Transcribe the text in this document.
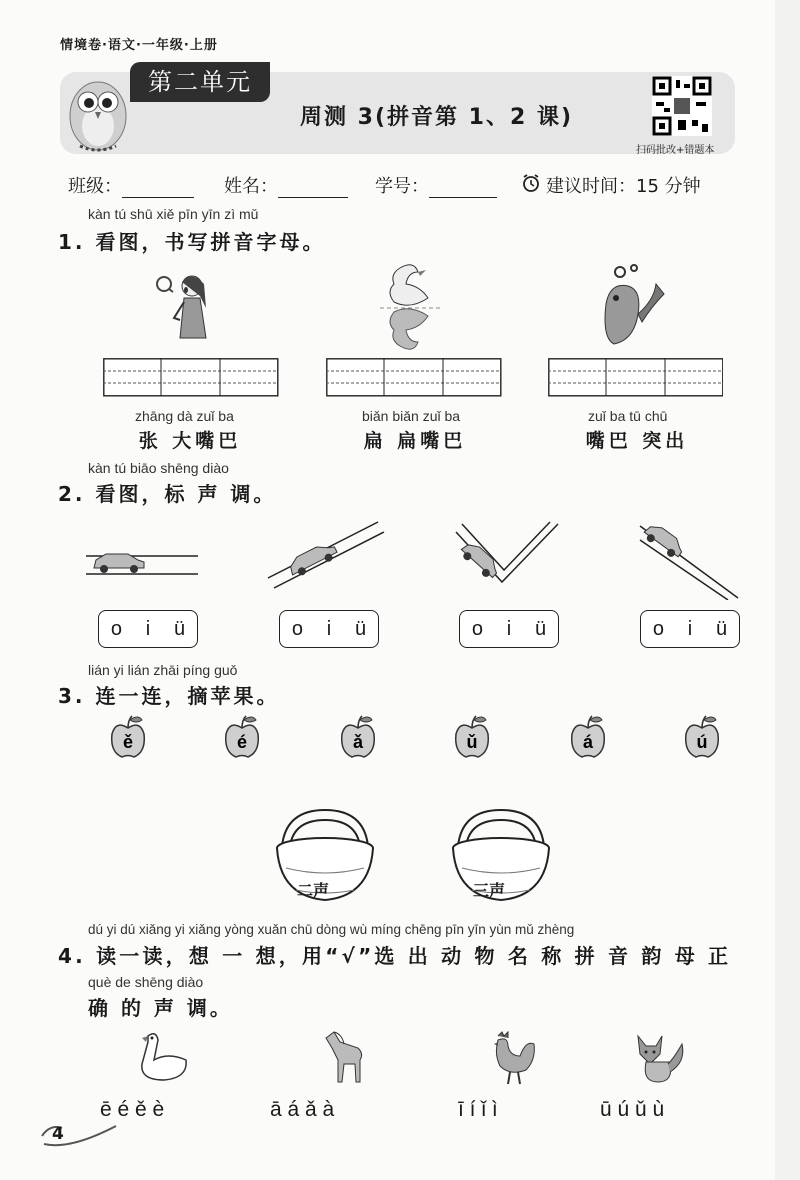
情境卷·语文·一年级·上册
第二单元
周测 3(拼音第 1、2 课)
扫码批改+错题本
班级：	姓名：	学号：	建议时间：15 分钟
kàn tú shū xiě pīn yīn zì mǔ
1. 看图，书写拼音字母。
zhāng dà zuǐ ba
张 大嘴巴
biǎn biǎn zuǐ ba
扁 扁嘴巴
zuǐ ba tū chū
嘴巴 突出
kàn tú biāo shēng diào
2. 看图，标 声 调。
o i ü	o i ü	o i ü	o i ü
lián yi lián zhāi píng guǒ
3. 连一连，摘苹果。
ě	é	ǎ	ǔ	á	ú
二声	三声
dú yi dú xiǎng yi xiǎng yòng xuǎn chū dòng wù míng chēng pīn yīn yùn mǔ zhèng
4. 读一读，想 一 想，用“√”选 出 动 物 名 称 拼 音 韵 母 正
què de shēng diào
确 的 声 调。
ē é ě è	ā á ǎ à	ī í ǐ ì	ū ú ǔ ù
4
